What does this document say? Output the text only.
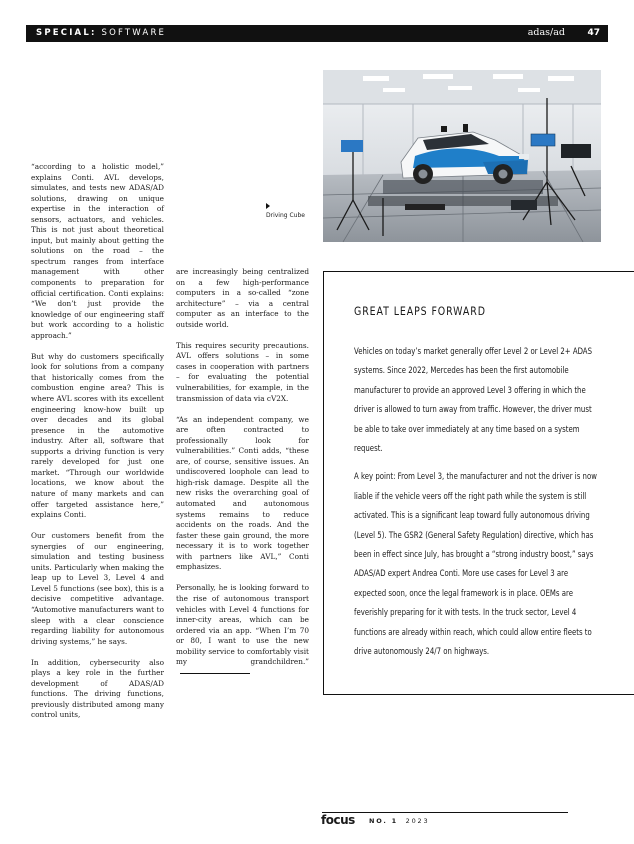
SPECIAL: SOFTWARE	adas/ad 47
Driving Cube

“according to a holistic model,” explains Conti. AVL develops, simulates, and tests new ADAS/AD solutions, drawing on unique expertise in the interaction of sensors, actuators, and vehicles. This is not just about theoretical input, but mainly about getting the solutions on the road – the spectrum ranges from interface management with other components to preparation for official certification. Conti explains: “We don’t just provide the knowledge of our engineering staff but work according to a holistic approach.”

But why do customers specifically look for solutions from a company that historically comes from the combustion engine area? This is where AVL scores with its excellent engineering know-how built up over decades and its global presence in the automotive industry. After all, software that supports a driving function is very rarely developed for just one market. “Through our worldwide locations, we know about the nature of many markets and can offer targeted assistance here,” explains Conti.

Our customers benefit from the synergies of our engineering, simulation and testing business units. Particularly when making the leap up to Level 3, Level 4 and Level 5 functions (see box), this is a decisive competitive advantage. “Automotive manufacturers want to sleep with a clear conscience regarding liability for autonomous driving systems,” he says.

In addition, cybersecurity also plays a key role in the further development of ADAS/AD functions. The driving functions, previously distributed among many control units,

are increasingly being centralized on a few high-performance computers in a so-called “zone architecture” – via a central computer as an interface to the outside world.

This requires security precautions. AVL offers solutions – in some cases in cooperation with partners – for evaluating the potential vulnerabilities, for example, in the transmission of data via cV2X.

“As an independent company, we are often contracted to professionally look for vulnerabilities.” Conti adds, “these are, of course, sensitive issues. An undiscovered loophole can lead to high-risk damage. Despite all the new risks the overarching goal of automated and autonomous systems remains to reduce accidents on the roads. And the faster these gain ground, the more necessary it is to work together with partners like AVL,” Conti emphasizes.

Personally, he is looking forward to the rise of autonomous transport vehicles with Level 4 functions for inner-city areas, which can be ordered via an app. “When I’m 70 or 80, I want to use the new mobility service to comfortably visit my grandchildren.”

GREAT LEAPS FORWARD

Vehicles on today’s market generally offer Level 2 or Level 2+ ADAS systems. Since 2022, Mercedes has been the first automobile manufacturer to provide an approved Level 3 offering in which the driver is allowed to turn away from traffic. However, the driver must be able to take over immediately at any time based on a system request.

A key point: From Level 3, the manufacturer and not the driver is now liable if the vehicle veers off the right path while the system is still activated. This is a significant leap toward fully autonomous driving (Level 5). The GSR2 (General Safety Regulation) directive, which has been in effect since July, has brought a “strong industry boost,” says ADAS/AD expert Andrea Conti. More use cases for Level 3 are expected soon, once the legal framework is in place. OEMs are feverishly preparing for it with tests. In the truck sector, Level 4 functions are already within reach, which could allow entire fleets to drive autonomously 24/7 on highways.

focus NO. 1 2023
